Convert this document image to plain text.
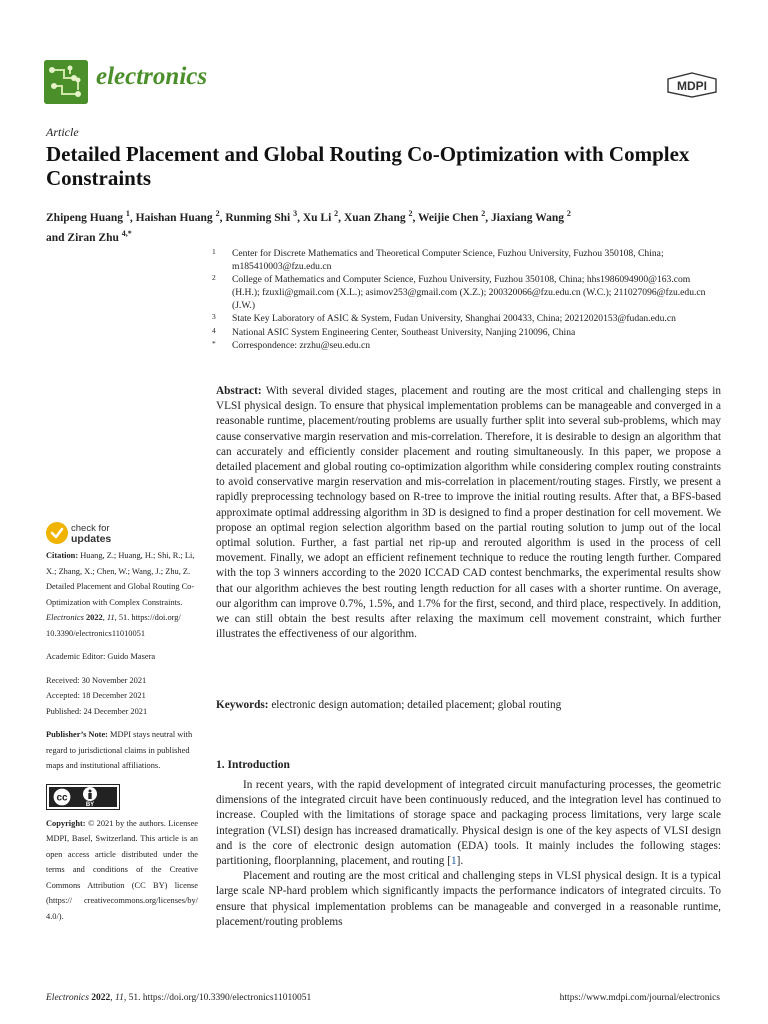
electronics	MDPI
Article
Detailed Placement and Global Routing Co-Optimization with Complex Constraints
Zhipeng Huang $^1$, Haishan Huang $^2$, Runming Shi $^3$, Xu Li $^2$, Xuan Zhang $^2$, Weijie Chen $^2$, Jiaxiang Wang $^2$
and Ziran Zhu $^{4,*}$
1 Center for Discrete Mathematics and Theoretical Computer Science, Fuzhou University, Fuzhou 350108, China; m185410003@fzu.edu.cn
2 College of Mathematics and Computer Science, Fuzhou University, Fuzhou 350108, China; hhs1986094900@163.com (H.H.); fzuxli@gmail.com (X.L.); asimov253@gmail.com (X.Z.); 200320066@fzu.edu.cn (W.C.); 211027096@fzu.edu.cn (J.W.)
3 State Key Laboratory of ASIC & System, Fudan University, Shanghai 200433, China; 20212020153@fudan.edu.cn
4 National ASIC System Engineering Center, Southeast University, Nanjing 210096, China
* Correspondence: zrzhu@seu.edu.cn
Abstract: With several divided stages, placement and routing are the most critical and challenging steps in VLSI physical design. To ensure that physical implementation problems can be manageable and converged in a reasonable runtime, placement/routing problems are usually further split into several sub-problems, which may cause conservative margin reservation and mis-correlation. Therefore, it is desirable to design an algorithm that can accurately and efficiently consider placement and routing simultaneously. In this paper, we propose a detailed placement and global routing co-optimization algorithm while considering complex routing constraints to avoid conservative margin reservation and mis-correlation in placement/routing stages. Firstly, we present a rapidly preprocessing technology based on R-tree to improve the initial routing results. After that, a BFS-based approximate optimal addressing algorithm in 3D is designed to find a proper destination for cell movement. We propose an optimal region selection algorithm based on the partial routing solution to jump out of the local optimal solution. Further, a fast partial net rip-up and rerouted algorithm is used in the process of cell movement. Finally, we adopt an efficient refinement technique to reduce the routing length further. Compared with the top 3 winners according to the 2020 ICCAD CAD contest benchmarks, the experimental results show that our algorithm achieves the best routing length reduction for all cases with a shorter runtime. On average, our algorithm can improve 0.7%, 1.5%, and 1.7% for the first, second, and third place, respectively. In addition, we can still obtain the best results after relaxing the maximum cell movement constraint, which further illustrates the effectiveness of our algorithm.
Keywords: electronic design automation; detailed placement; global routing
check for
updates
Citation: Huang, Z.; Huang, H.; Shi, R.; Li, X.; Zhang, X.; Chen, W.; Wang, J.; Zhu, Z. Detailed Placement and Global Routing Co-Optimization with Complex Constraints. Electronics 2022, 11, 51. https://doi.org/ 10.3390/electronics11010051
Academic Editor: Guido Masera
Received: 30 November 2021
Accepted: 18 December 2021
Published: 24 December 2021
Publisher’s Note: MDPI stays neutral with regard to jurisdictional claims in published maps and institutional affiliations.
cc
BY
Copyright: © 2021 by the authors. Licensee MDPI, Basel, Switzerland. This article is an open access article distributed under the terms and conditions of the Creative Commons Attribution (CC BY) license (https:// creativecommons.org/licenses/by/ 4.0/).
1. Introduction

In recent years, with the rapid development of integrated circuit manufacturing processes, the geometric dimensions of the integrated circuit have been continuously reduced, and the integration level has continued to increase. Coupled with the limitations of storage space and packaging process limitations, very large scale integration (VLSI) design has increased dramatically. Physical design is one of the key aspects of VLSI design and is the core of electronic design automation (EDA) tools. It mainly includes the following stages: partitioning, floorplanning, placement, and routing [1].

Placement and routing are the most critical and challenging steps in VLSI physical design. It is a typical large scale NP-hard problem which significantly impacts the performance indicators of integrated circuits. To ensure that physical implementation problems can be manageable and converged in a reasonable runtime, placement/routing problems

Electronics 2022, 11, 51. https://doi.org/10.3390/electronics11010051	https://www.mdpi.com/journal/electronics
